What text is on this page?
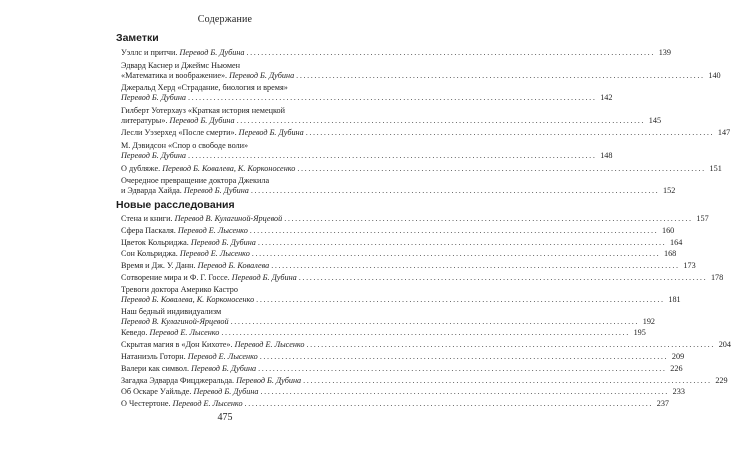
Содержание
Заметки
Уэллс и притчи. Перевод Б. Дубина .....	139
Эдвард Каснер и Джеймс Ньюмен
«Математика и воображение». Перевод Б. Дубина .....	140
Джеральд Херд «Страдание, биология и время»
Перевод Б. Дубина .....	142
Гилберт Уотерхауз «Краткая история немецкой
литературы». Перевод Б. Дубина .....	145
Лесли Уэзерхед «После смерти». Перевод Б. Дубина .....	147
М. Дэвидсон «Спор о свободе воли»
Перевод Б. Дубина .....	148
О дубляже. Перевод Б. Ковалева, К. Корконосенко .....	151
Очередное превращение доктора Джекила
и Эдварда Хайда. Перевод Б. Дубина .....	152
Новые расследования
Стена и книги. Перевод В. Кулагиной-Ярцевой .....	157
Сфера Паскаля. Перевод Е. Лысенко .....	160
Цветок Кольриджа. Перевод Б. Дубина .....	164
Сон Кольриджа. Перевод Е. Лысенко .....	168
Время и Дж. У. Данн. Перевод Б. Ковалева .....	173
Сотворение мира и Ф. Г. Госсе. Перевод Б. Дубина .....	178
Тревоги доктора Америко Кастро
Перевод Б. Ковалева, К. Корконосенко .....	181
Наш бедный индивидуализм
Перевод В. Кулагиной-Ярцевой .....	192
Кеведо. Перевод Е. Лысенко .....	195
Скрытая магия в «Дон Кихоте». Перевод Е. Лысенко .....	204
Натаниэль Готорн. Перевод Е. Лысенко .....	209
Валери как символ. Перевод Б. Дубина .....	226
Загадка Эдварда Фицджеральда. Перевод Б. Дубина .....	229
Об Оскаре Уайльде. Перевод Б. Дубина .....	233
О Честертоне. Перевод Е. Лысенко .....	237
475
